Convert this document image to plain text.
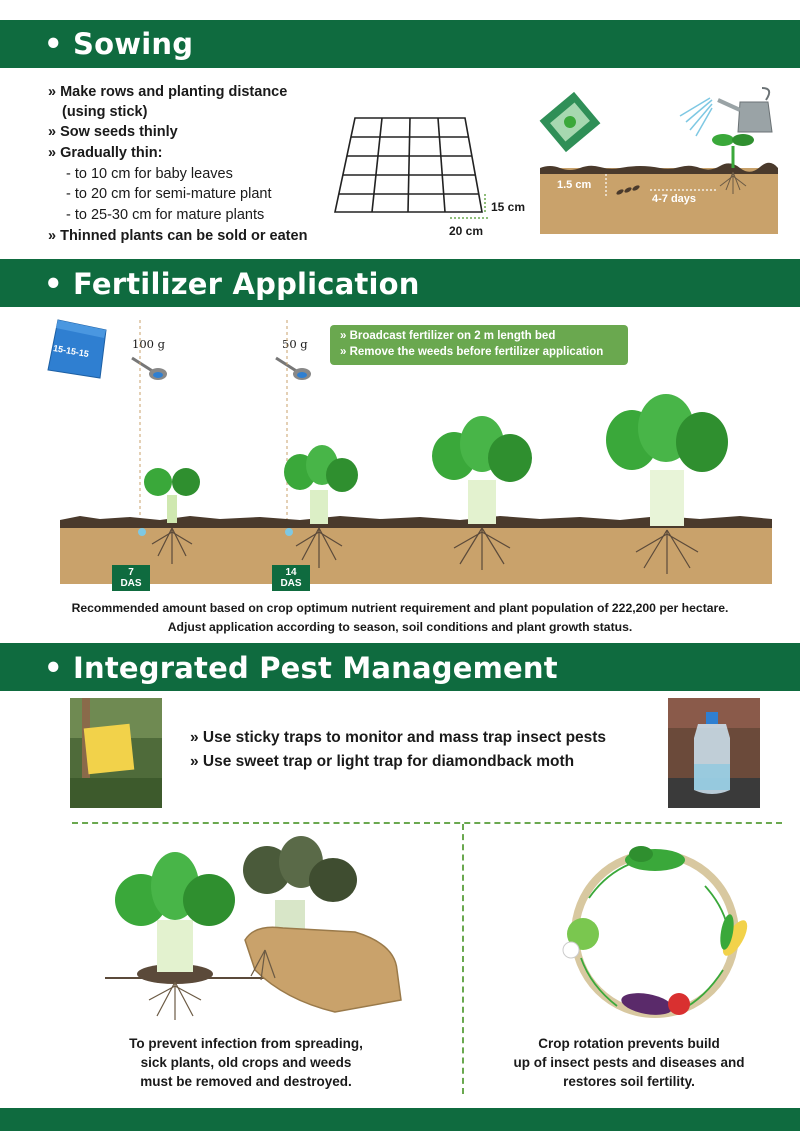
• Sowing
» Make rows and planting distance
(using stick)
» Sow seeds thinly
» Gradually thin:
- to 10 cm for baby leaves
- to 20 cm for semi-mature plant
- to 25-30 cm for mature plants
» Thinned plants can be sold or eaten
15 cm
20 cm
1.5 cm
4-7 days
• Fertilizer Application
15-15-15	100 g	50 g
» Broadcast fertilizer on 2 m length bed
» Remove the weeds before fertilizer application
7
DAS
14
DAS
Recommended amount based on crop optimum nutrient requirement and plant population of 222,200 per hectare.
Adjust application according to season, soil conditions and plant growth status.
• Integrated Pest Management
» Use sticky traps to monitor and mass trap insect pests
» Use sweet trap or light trap for diamondback moth
To prevent infection from spreading,
sick plants, old crops and weeds
must be removed and destroyed.
Crop rotation prevents build
up of insect pests and diseases and
restores soil fertility.
